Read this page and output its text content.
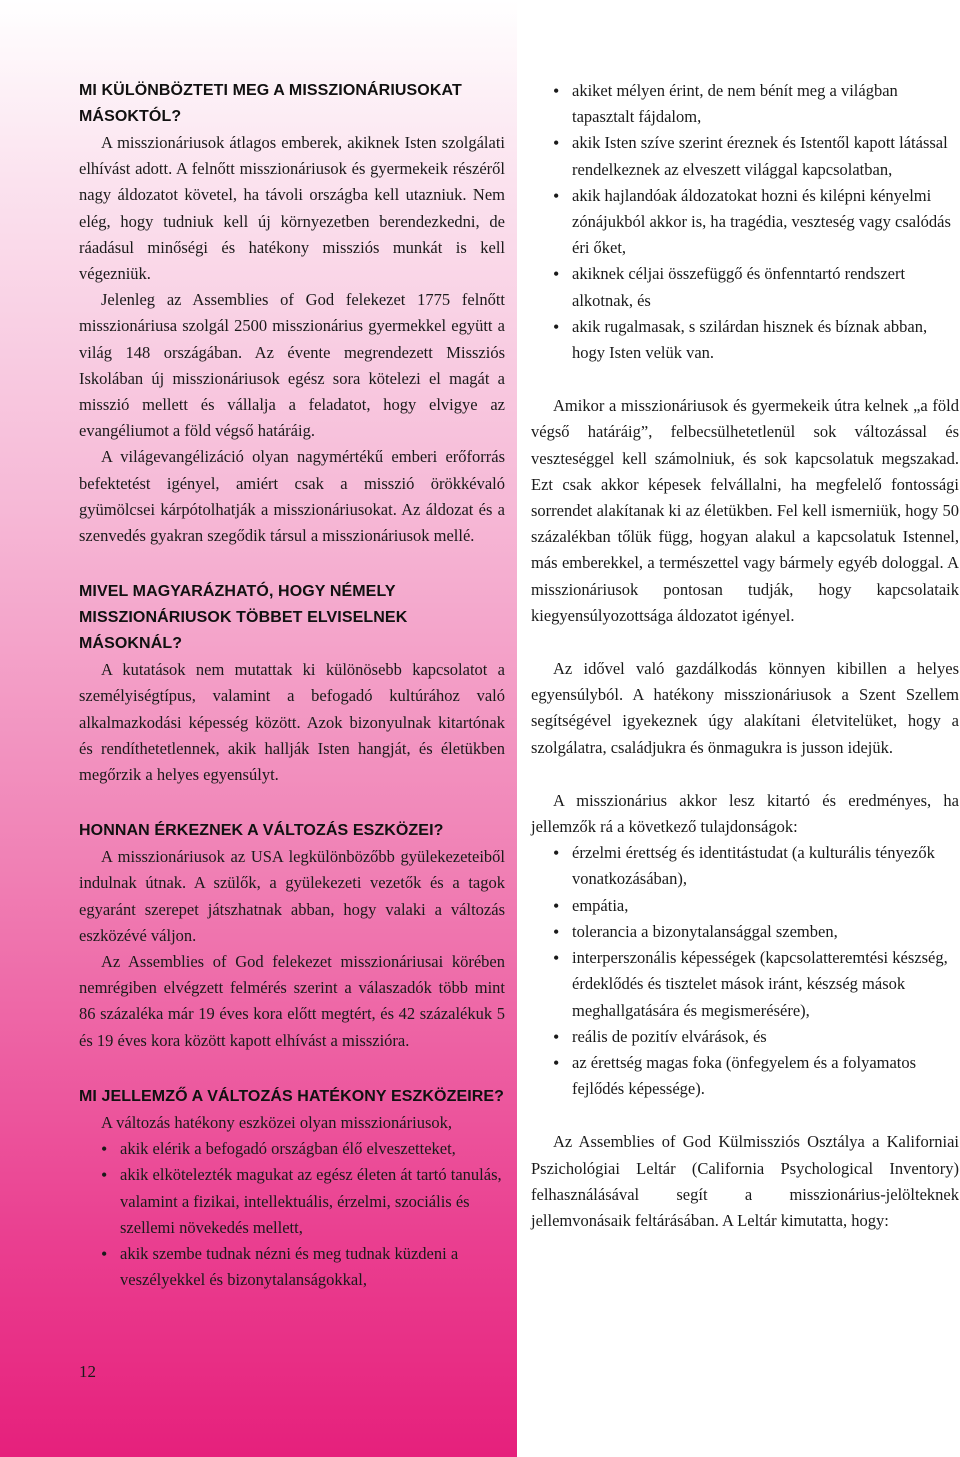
MI KÜLÖNBÖZTETI MEG A MISSZIONÁRIUSOKAT MÁSOKTÓL?

A misszionáriusok átlagos emberek, akiknek Isten szolgálati elhívást adott. A felnőtt misszionáriusok és gyermekeik részéről nagy áldozatot követel, ha távoli országba kell utazniuk. Nem elég, hogy tudniuk kell új környezetben berendezkedni, de ráadásul minőségi és hatékony missziós munkát is kell végezniük.

Jelenleg az Assemblies of God felekezet 1775 felnőtt misszionáriusa szolgál 2500 misszionárius gyermekkel együtt a világ 148 országában. Az évente megrendezett Missziós Iskolában új misszionáriusok egész sora kötelezi el magát a misszió mellett és vállalja a feladatot, hogy elvigye az evangéliumot a föld végső határáig.

A világevangélizáció olyan nagymértékű emberi erőforrás befektetést igényel, amiért csak a misszió örökkévaló gyümölcsei kárpótolhatják a misszionáriusokat. Az áldozat és a szenvedés gyakran szegődik társul a misszionáriusok mellé.

MIVEL MAGYARÁZHATÓ, HOGY NÉMELY MISSZIONÁRIUSOK TÖBBET ELVISELNEK MÁSOKNÁL?

A kutatások nem mutattak ki különösebb kapcsolatot a személyiségtípus, valamint a befogadó kultúrához való alkalmazkodási képesség között. Azok bizonyulnak kitartónak és rendíthetetlennek, akik hallják Isten hangját, és életükben megőrzik a helyes egyensúlyt.

HONNAN ÉRKEZNEK A VÁLTOZÁS ESZKÖZEI?

A misszionáriusok az USA legkülönbözőbb gyülekezeteiből indulnak útnak. A szülők, a gyülekezeti vezetők és a tagok egyaránt szerepet játszhatnak abban, hogy valaki a változás eszközévé váljon.

Az Assemblies of God felekezet misszionáriusai körében nemrégiben elvégzett felmérés szerint a válaszadók több mint 86 százaléka már 19 éves kora előtt megtért, és 42 százalékuk 5 és 19 éves kora között kapott elhívást a misszióra.

MI JELLEMZŐ A VÁLTOZÁS HATÉKONY ESZKÖZEIRE?

A változás hatékony eszközei olyan misszionáriusok,

• akik elérik a befogadó országban élő elveszetteket,
• akik elkötelezték magukat az egész életen át tartó tanulás, valamint a fizikai, intellektuális, érzelmi, szociális és szellemi növekedés mellett,
• akik szembe tudnak nézni és meg tudnak küzdeni a veszélyekkel és bizonytalanságokkal,
• akiket mélyen érint, de nem bénít meg a világban tapasztalt fájdalom,
• akik Isten szíve szerint éreznek és Istentől kapott látással rendelkeznek az elveszett világgal kapcsolatban,
• akik hajlandóak áldozatokat hozni és kilépni kényelmi zónájukból akkor is, ha tragédia, veszteség vagy csalódás éri őket,
• akiknek céljai összefüggő és önfenntartó rendszert alkotnak, és
• akik rugalmasak, s szilárdan hisznek és bíznak abban, hogy Isten velük van.

Amikor a misszionáriusok és gyermekeik útra kelnek „a föld végső határáig”, felbecsülhetetlenül sok változással és veszteséggel kell számolniuk, és sok kapcsolatuk megszakad. Ezt csak akkor képesek felvállalni, ha megfelelő fontossági sorrendet alakítanak ki az életükben. Fel kell ismerniük, hogy 50 százalékban tőlük függ, hogyan alakul a kapcsolatuk Istennel, más emberekkel, a természettel vagy bármely egyéb dologgal. A misszionáriusok pontosan tudják, hogy kapcsolataik kiegyensúlyozottsága áldozatot igényel.

Az idővel való gazdálkodás könnyen kibillen a helyes egyensúlyból. A hatékony misszionáriusok a Szent Szellem segítségével igyekeznek úgy alakítani életvitelüket, hogy a szolgálatra, családjukra és önmagukra is jusson idejük.

A misszionárius akkor lesz kitartó és eredményes, ha jellemzők rá a következő tulajdonságok:

• érzelmi érettség és identitástudat (a kulturális tényezők vonatkozásában),
• empátia,
• tolerancia a bizonytalansággal szemben,
• interperszonális képességek (kapcsolatteremtési készség, érdeklődés és tisztelet mások iránt, készség mások meghallgatására és megismerésére),
• reális de pozitív elvárások, és
• az érettség magas foka (önfegyelem és a folyamatos fejlődés képessége).

Az Assemblies of God Külmissziós Osztálya a Kaliforniai Pszichológiai Leltár (California Psychological Inventory) felhasználásával segít a misszionárius-jelölteknek jellemvonásaik feltárásában. A Leltár kimutatta, hogy:

12
